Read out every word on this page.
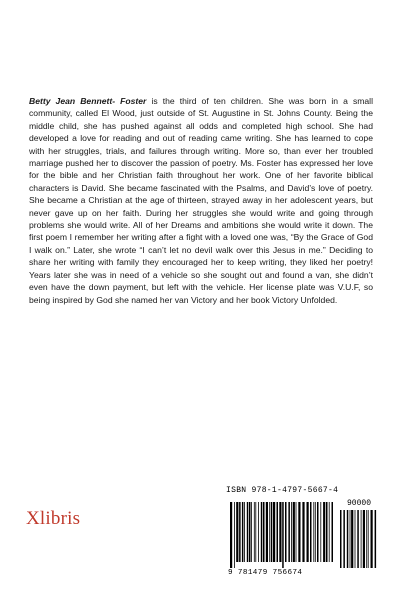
Betty Jean Bennett- Foster is the third of ten children. She was born in a small community, called El Wood, just outside of St. Augustine in St. Johns County. Being the middle child, she has pushed against all odds and completed high school. She had developed a love for reading and out of reading came writing. She has learned to cope with her struggles, trials, and failures through writing. More so, than ever her troubled marriage pushed her to discover the passion of poetry. Ms. Foster has expressed her love for the bible and her Christian faith throughout her work. One of her favorite biblical characters is David. She became fascinated with the Psalms, and David’s love of poetry. She became a Christian at the age of thirteen, strayed away in her adolescent years, but never gave up on her faith. During her struggles she would write and going through problems she would write. All of her Dreams and ambitions she would write it down. The first poem I remember her writing after a fight with a loved one was, “By the Grace of God I walk on.” Later, she wrote “I can’t let no devil walk over this Jesus in me.” Deciding to share her writing with family they encouraged her to keep writing, they liked her poetry! Years later she was in need of a vehicle so she sought out and found a van, she didn’t even have the down payment, but left with the vehicle. Her license plate was V.U.F, so being inspired by God she named her van Victory and her book Victory Unfolded.

Xlibris
ISBN 978-1-4797-5667-4
90000
9 781479 756674
